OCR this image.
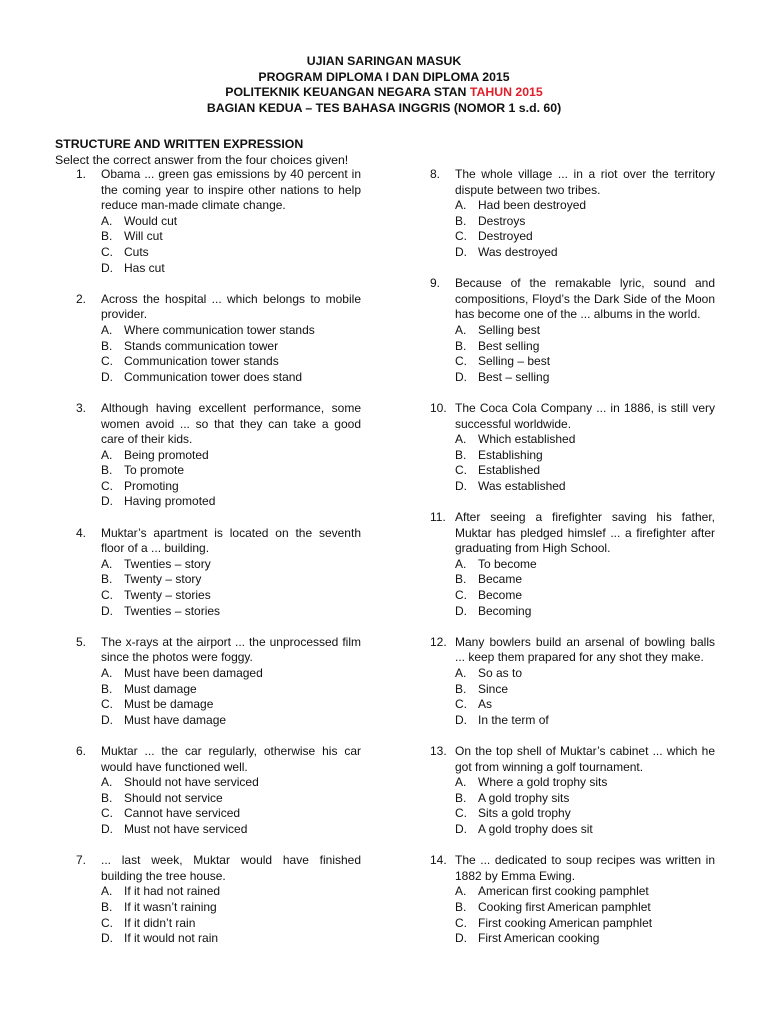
UJIAN SARINGAN MASUK
PROGRAM DIPLOMA I DAN DIPLOMA 2015
POLITEKNIK KEUANGAN NEGARA STAN TAHUN 2015
BAGIAN KEDUA – TES BAHASA INGGRIS (NOMOR 1 s.d. 60)
STRUCTURE AND WRITTEN EXPRESSION
Select the correct answer from the four choices given!
1.	Obama ... green gas emissions by 40 percent in the coming year to inspire other nations to help reduce man-made climate change.
A. Would cut
B. Will cut
C. Cuts
D. Has cut
2.	Across the hospital ... which belongs to mobile provider.
A. Where communication tower stands
B. Stands communication tower
C. Communication tower stands
D. Communication tower does stand
3.	Although having excellent performance, some women avoid ... so that they can take a good care of their kids.
A. Being promoted
B. To promote
C. Promoting
D. Having promoted
4.	Muktar’s apartment is located on the seventh floor of a ... building.
A. Twenties – story
B. Twenty – story
C. Twenty – stories
D. Twenties – stories
5.	The x-rays at the airport ... the unprocessed film since the photos were foggy.
A. Must have been damaged
B. Must damage
C. Must be damage
D. Must have damage
6.	Muktar ... the car regularly, otherwise his car would have functioned well.
A. Should not have serviced
B. Should not service
C. Cannot have serviced
D. Must not have serviced
7.	... last week, Muktar would have finished building the tree house.
A. If it had not rained
B. If it wasn’t raining
C. If it didn’t rain
D. If it would not rain
8.	The whole village ... in a riot over the territory dispute between two tribes.
A. Had been destroyed
B. Destroys
C. Destroyed
D. Was destroyed
9.	Because of the remakable lyric, sound and compositions, Floyd’s the Dark Side of the Moon has become one of the ... albums in the world.
A. Selling best
B. Best selling
C. Selling – best
D. Best – selling
10. The Coca Cola Company ... in 1886, is still very successful worldwide.
A. Which established
B. Establishing
C. Established
D. Was established
11. After seeing a firefighter saving his father, Muktar has pledged himslef ... a firefighter after graduating from High School.
A. To become
B. Became
C. Become
D. Becoming
12. Many bowlers build an arsenal of bowling balls ... keep them prapared for any shot they make.
A. So as to
B. Since
C. As
D. In the term of
13. On the top shell of Muktar’s cabinet ... which he got from winning a golf tournament.
A. Where a gold trophy sits
B. A gold trophy sits
C. Sits a gold trophy
D. A gold trophy does sit
14. The ... dedicated to soup recipes was written in 1882 by Emma Ewing.
A. American first cooking pamphlet
B. Cooking first American pamphlet
C. First cooking American pamphlet
D. First American cooking
